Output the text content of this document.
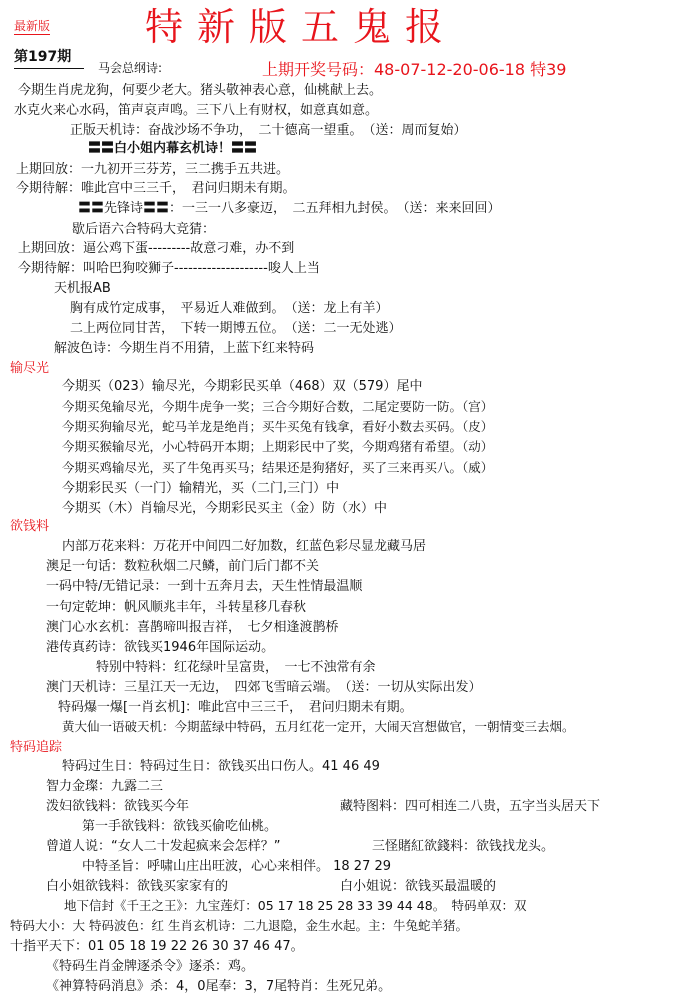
最新版 特新版五鬼报
第197期
马会总纲诗:	上期开奖号码：48-07-12-20-06-18 特39
今期生肖虎龙狗，何要少老大。猪头敬神表心意，仙桃献上去。
水克火来心水码，笛声哀声鸣。三下八上有财权，如意真如意。
正版天机诗：奋战沙场不争功，　二十德高一望重。　（送：周而复始）
〓〓白小姐内幕玄机诗！〓〓
上期回放：一九初开三芬芳，三二携手五共进。
今期待解：唯此宫中三三千，　君问归期未有期。
〓〓先锋诗〓〓：一三一八多豪迈，　二五拜相九封侯。　（送：来来回回）
歇后语六合特码大竞猜：
上期回放：逼公鸡下蛋---------故意刁难，办不到
今期待解：叫哈巴狗咬狮子--------------------唆人上当
天机报AB
胸有成竹定成事，　平易近人难做到。　（送：龙上有羊）
二上两位同甘苦，　下转一期博五位。　（送：二一无处逃）
解波色诗：今期生肖不用猜，上蓝下红来特码
输尽光
今期买（023）输尽光，今期彩民买单（468）双（579）尾中
今期买兔输尽光，今期牛虎争一奖；三合今期好合数，二尾定要防一防。（宫）
今期买狗输尽光，蛇马羊龙是绝肖；买牛买兔有钱拿，看好小数去买码。（皮）
今期买猴输尽光，小心特码开本期；上期彩民中了奖，今期鸡猪有希望。（动）
今期买鸡输尽光，买了牛兔再买马；结果还是狗猪好，买了三来再买八。（威）
今期彩民买（一门）输精光，买（二门,三门）中
今期买（木）肖输尽光，今期彩民买主（金）防（水）中
欲钱料
内部万花来料：万花开中间四二好加数，红蓝色彩尽显龙藏马居
澳足一句话：数粒秋烟二尺鳞，前门后门都不关
一码中特/无错记录：一到十五奔月去，天生性情最温顺
一句定乾坤：帆风顺兆丰年，斗转星移几春秋
澳门心水玄机：喜鹊啼叫报吉祥，　七夕相逢渡鹊桥
港传真药诗：欲钱买1946年国际运动。
特别中特料：红花绿叶呈富贵，　一七不浊常有余
澳门天机诗：三星江天一无边，　四郊飞雪暗云端。　（送：一切从实际出发）
特码爆一爆[一肖玄机]：唯此宫中三三千，　君问归期未有期。
黄大仙一语破天机：今期蓝绿中特码，五月红花一定开，大闹天宫想做官，一朝情变三去烟。
特码追踪
特码过生日：特码过生日：欲钱买出口伤人。41 46 49
智力金璨：九露二三
泼妇欲钱料：欲钱买今年	藏特图料：四可相连二八贵，五字当头居天下
第一手欲钱料：欲钱买偷吃仙桃。
曾道人说：“女人二十发起疯来会怎样？”	三怪賭紅欲錢料：欲钱找龙头。
中特圣旨：呼啸山庄出旺波，心心来相伴。 18 27 29
白小姐欲钱料：欲钱买家家有的	白小姐说：欲钱买最温暖的
地下信封《千王之王》：九宝莲灯：05 17 18 25 28 33 39 44 48。　特码单双：双
特码大小：大 特码波色：红 生肖玄机诗：二九退隐，金生水起。主：牛兔蛇羊猪。
十指平天下：01 05 18 19 22 26 30 37 46 47。
《特码生肖金牌逐杀令》逐杀：鸡。
《神算特码消息》杀：4，0尾奉：3，7尾特肖：生死兄弟。
